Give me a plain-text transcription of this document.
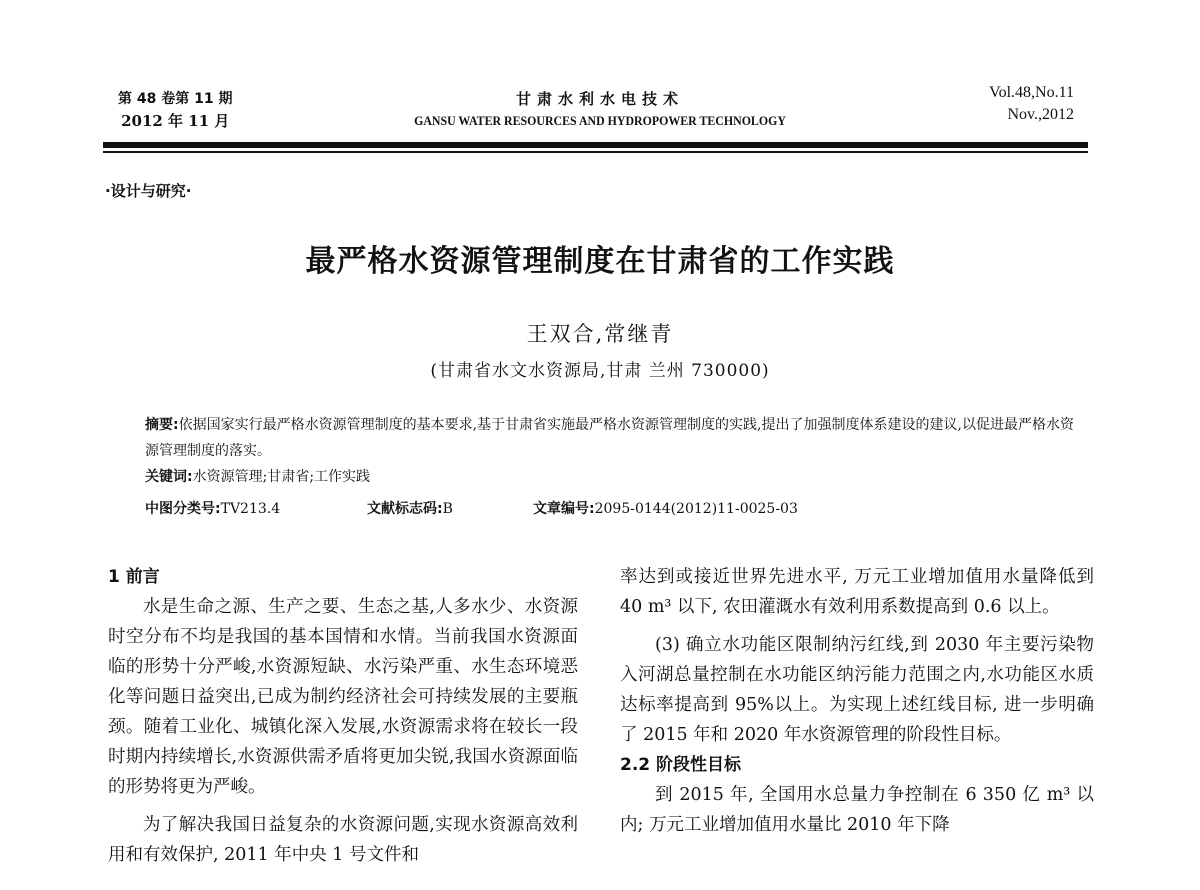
第 48 卷第 11 期
2012 年 11 月
甘肃水利水电技术
GANSU WATER RESOURCES AND HYDROPOWER TECHNOLOGY
Vol.48,No.11
Nov.,2012
·设计与研究·
最严格水资源管理制度在甘肃省的工作实践
王双合,常继青
(甘肃省水文水资源局,甘肃 兰州 730000)
摘要:依据国家实行最严格水资源管理制度的基本要求,基于甘肃省实施最严格水资源管理制度的实践,提出了加强制度体系建设的建议,以促进最严格水资源管理制度的落实。
关键词:水资源管理;甘肃省;工作实践
中图分类号:TV213.4	文献标志码:B	文章编号:2095-0144(2012)11-0025-03

1 前言

水是生命之源、生产之要、生态之基,人多水少、水资源时空分布不均是我国的基本国情和水情。当前我国水资源面临的形势十分严峻,水资源短缺、水污染严重、水生态环境恶化等问题日益突出,已成为制约经济社会可持续发展的主要瓶颈。随着工业化、城镇化深入发展,水资源需求将在较长一段时期内持续增长,水资源供需矛盾将更加尖锐,我国水资源面临的形势将更为严峻。

为了解决我国日益复杂的水资源问题,实现水资源高效利用和有效保护, 2011 年中央 1 号文件和

率达到或接近世界先进水平, 万元工业增加值用水量降低到 40 m³ 以下, 农田灌溉水有效利用系数提高到 0.6 以上。

(3) 确立水功能区限制纳污红线,到 2030 年主要污染物入河湖总量控制在水功能区纳污能力范围之内,水功能区水质达标率提高到 95%以上。为实现上述红线目标, 进一步明确了 2015 年和 2020 年水资源管理的阶段性目标。

2.2 阶段性目标

到 2015 年, 全国用水总量力争控制在 6 350 亿 m³ 以内; 万元工业增加值用水量比 2010 年下降
